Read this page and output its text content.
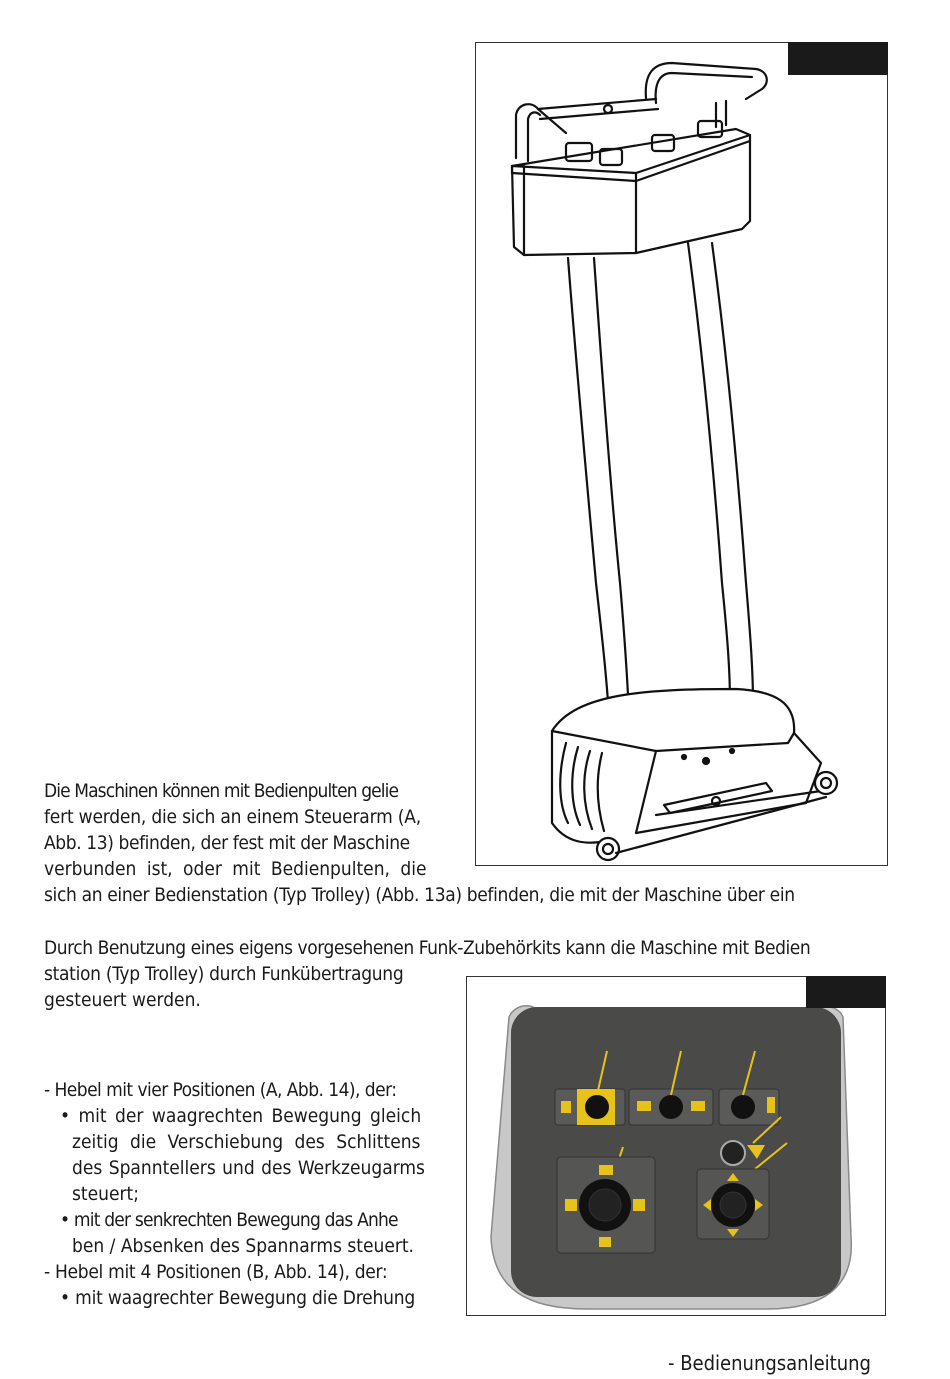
Die Maschinen können mit Bedienpulten gelie
fert werden, die sich an einem Steuerarm (A,
Abb. 13) befinden, der fest mit der Maschine
verbunden ist, oder mit Bedienpulten, die
sich an einer Bedienstation (Typ Trolley) (Abb. 13a) befinden, die mit der Maschine über ein
Durch Benutzung eines eigens vorgesehenen Funk-Zubehörkits kann die Maschine mit Bedien
station (Typ Trolley) durch Funkübertragung
gesteuert werden.
- Hebel mit vier Positionen (A, Abb. 14), der:
• mit der waagrechten Bewegung gleich
zeitig die Verschiebung des Schlittens
des Spanntellers und des Werkzeugarms
steuert;
• mit der senkrechten Bewegung das Anhe
ben / Absenken des Spannarms steuert.
- Hebel mit 4 Positionen (B, Abb. 14), der:
• mit waagrechter Bewegung die Drehung
- Bedienungsanleitung
